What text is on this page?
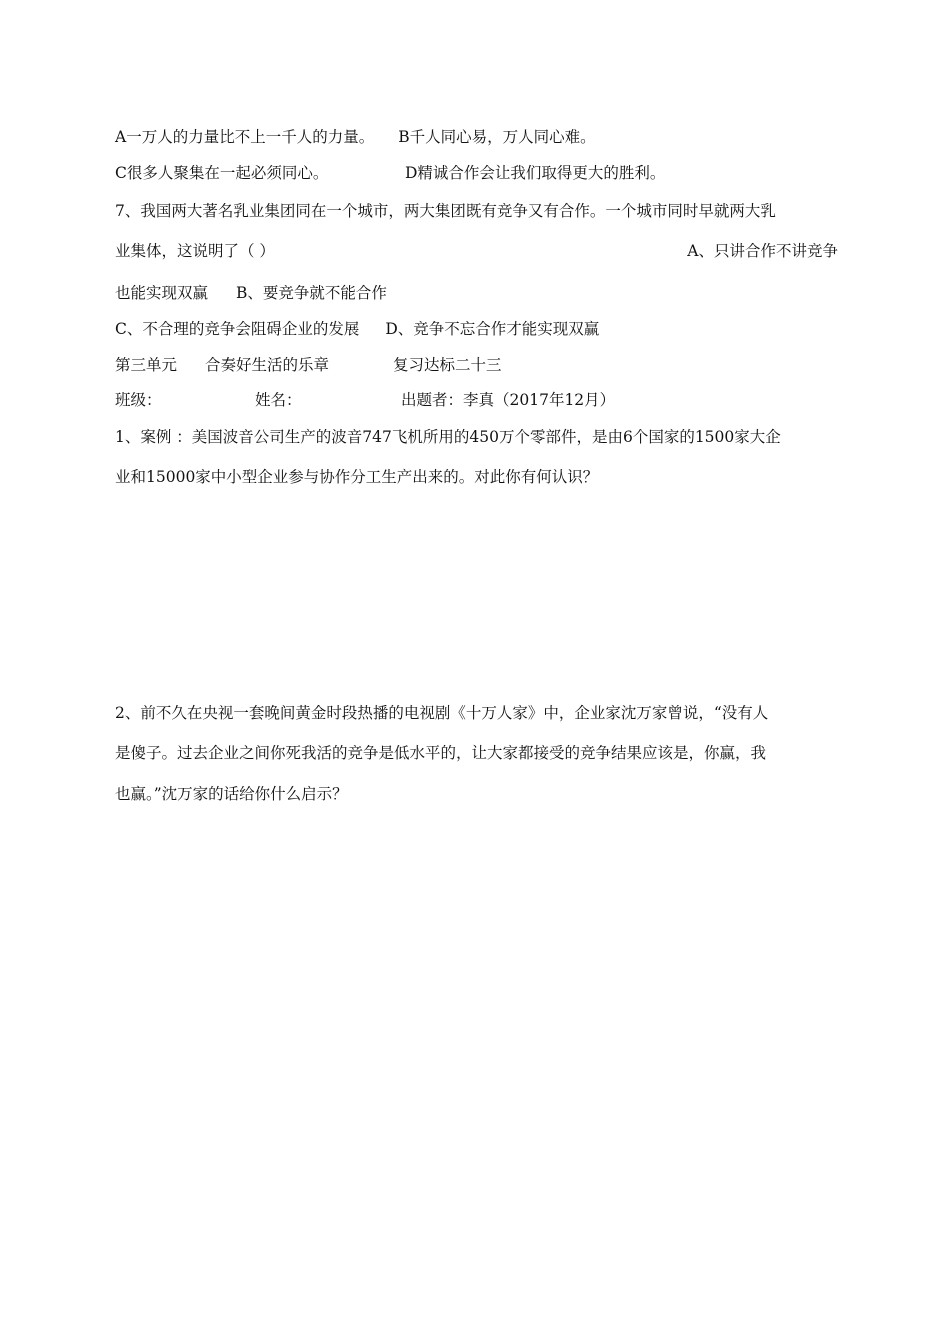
A一万人的力量比不上一千人的力量。 B千人同心易，万人同心难。
C很多人聚集在一起必须同心。	D精诚合作会让我们取得更大的胜利。
7、我国两大著名乳业集团同在一个城市，两大集团既有竞争又有合作。一个城市同时早就两大乳
业集体，这说明了（ ）	A、只讲合作不讲竞争
也能实现双赢 B、要竞争就不能合作
C、不合理的竞争会阻碍企业的发展 D、竞争不忘合作才能实现双赢
第三单元 合奏好生活的乐章	复习达标二十三
班级：	姓名：	出题者：李真（2017年12月）
1、案例 ：美国波音公司生产的波音747飞机所用的450万个零部件，是由6个国家的1500家大企
业和15000家中小型企业参与协作分工生产出来的。对此你有何认识？
2、前不久在央视一套晚间黄金时段热播的电视剧《十万人家》中，企业家沈万家曾说，“没有人
是傻子。过去企业之间你死我活的竞争是低水平的，让大家都接受的竞争结果应该是，你赢，我
也赢。”沈万家的话给你什么启示？
